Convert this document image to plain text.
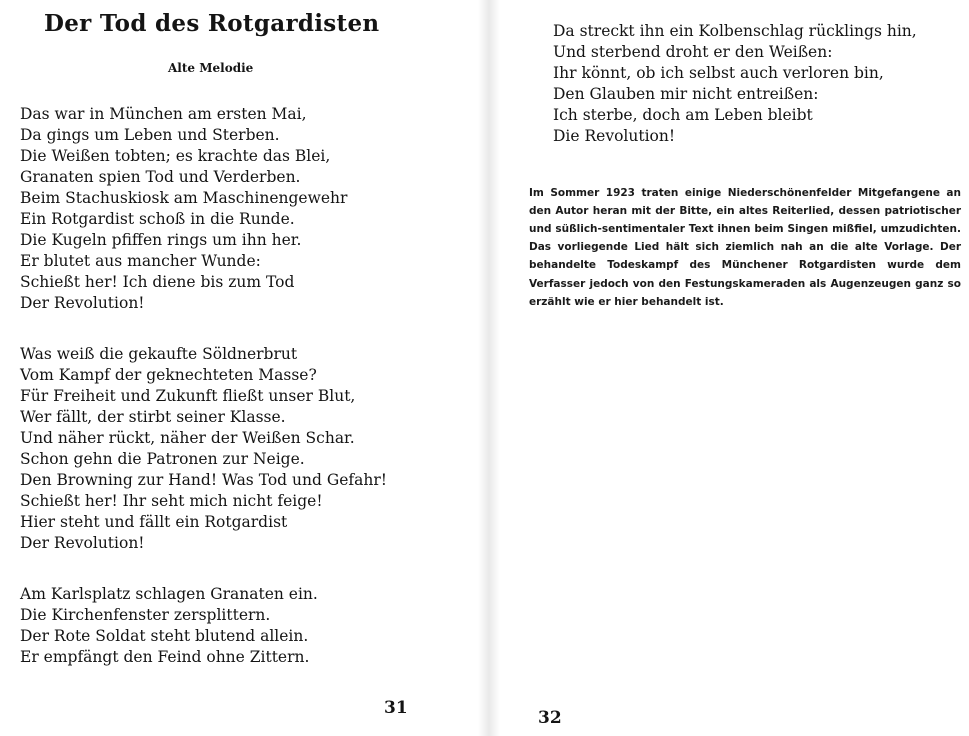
Der Tod des Rotgardisten
Alte Melodie
Das war in München am ersten Mai,
Da gings um Leben und Sterben.
Die Weißen tobten; es krachte das Blei,
Granaten spien Tod und Verderben.
Beim Stachuskiosk am Maschinengewehr
Ein Rotgardist schoß in die Runde.
Die Kugeln pfiffen rings um ihn her.
Er blutet aus mancher Wunde:
Schießt her! Ich diene bis zum Tod
Der Revolution!
Was weiß die gekaufte Söldnerbrut
Vom Kampf der geknechteten Masse?
Für Freiheit und Zukunft fließt unser Blut,
Wer fällt, der stirbt seiner Klasse.
Und näher rückt, näher der Weißen Schar.
Schon gehn die Patronen zur Neige.
Den Browning zur Hand! Was Tod und Gefahr!
Schießt her! Ihr seht mich nicht feige!
Hier steht und fällt ein Rotgardist
Der Revolution!
Am Karlsplatz schlagen Granaten ein.
Die Kirchenfenster zersplittern.
Der Rote Soldat steht blutend allein.
Er empfängt den Feind ohne Zittern.
31
Da streckt ihn ein Kolbenschlag rücklings hin,
Und sterbend droht er den Weißen:
Ihr könnt, ob ich selbst auch verloren bin,
Den Glauben mir nicht entreißen:
Ich sterbe, doch am Leben bleibt
Die Revolution!

Im Sommer 1923 traten einige Niederschönenfelder Mitgefangene an den Autor heran mit der Bitte, ein altes Reiterlied, dessen patriotischer und süßlich-sentimentaler Text ihnen beim Singen mißfiel, umzudichten. Das vorliegende Lied hält sich ziemlich nah an die alte Vorlage. Der behandelte Todeskampf des Münchener Rotgardisten wurde dem Verfasser jedoch von den Festungskameraden als Augenzeugen ganz so erzählt wie er hier behandelt ist.

32
